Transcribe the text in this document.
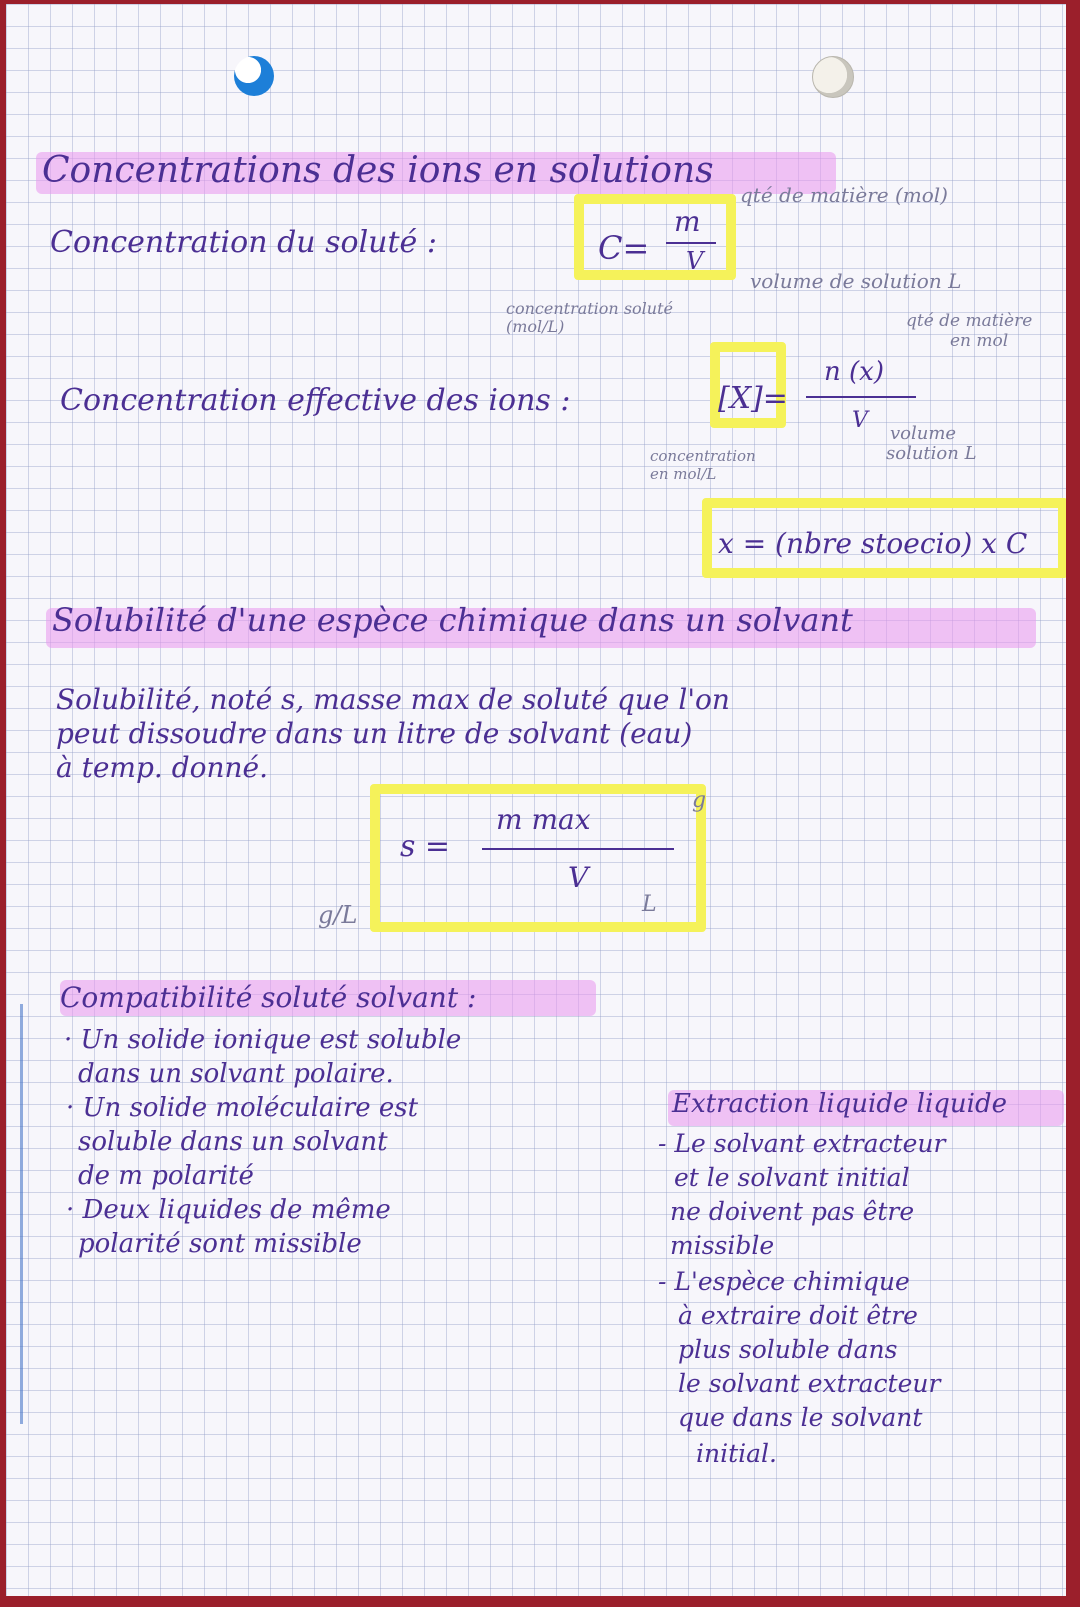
Concentrations des ions en solutions
Concentration du soluté :	C=
m
V
qté de matière (mol)
volume de solution L
concentration soluté (mol/L)
Concentration effective des ions :	[X]=
n (x)
V
qté de matière
en mol
volume
solution L
concentration
en mol/L
x = (nbre stoecio) x C
Solubilité d'une espèce chimique dans un solvant
Solubilité, noté s, masse max de soluté que l'on
peut dissoudre dans un litre de solvant (eau)
à temp. donné.
s =
m max
V
g
g/L	L
Compatibilité soluté solvant :
· Un solide ionique est soluble
dans un solvant polaire.
· Un solide moléculaire est
soluble dans un solvant
de m polarité
· Deux liquides de même
polarité sont missible
Extraction liquide liquide
- Le solvant extracteur
et le solvant initial
ne doivent pas être
missible
- L'espèce chimique
à extraire doit être
plus soluble dans
le solvant extracteur
que dans le solvant
initial.
